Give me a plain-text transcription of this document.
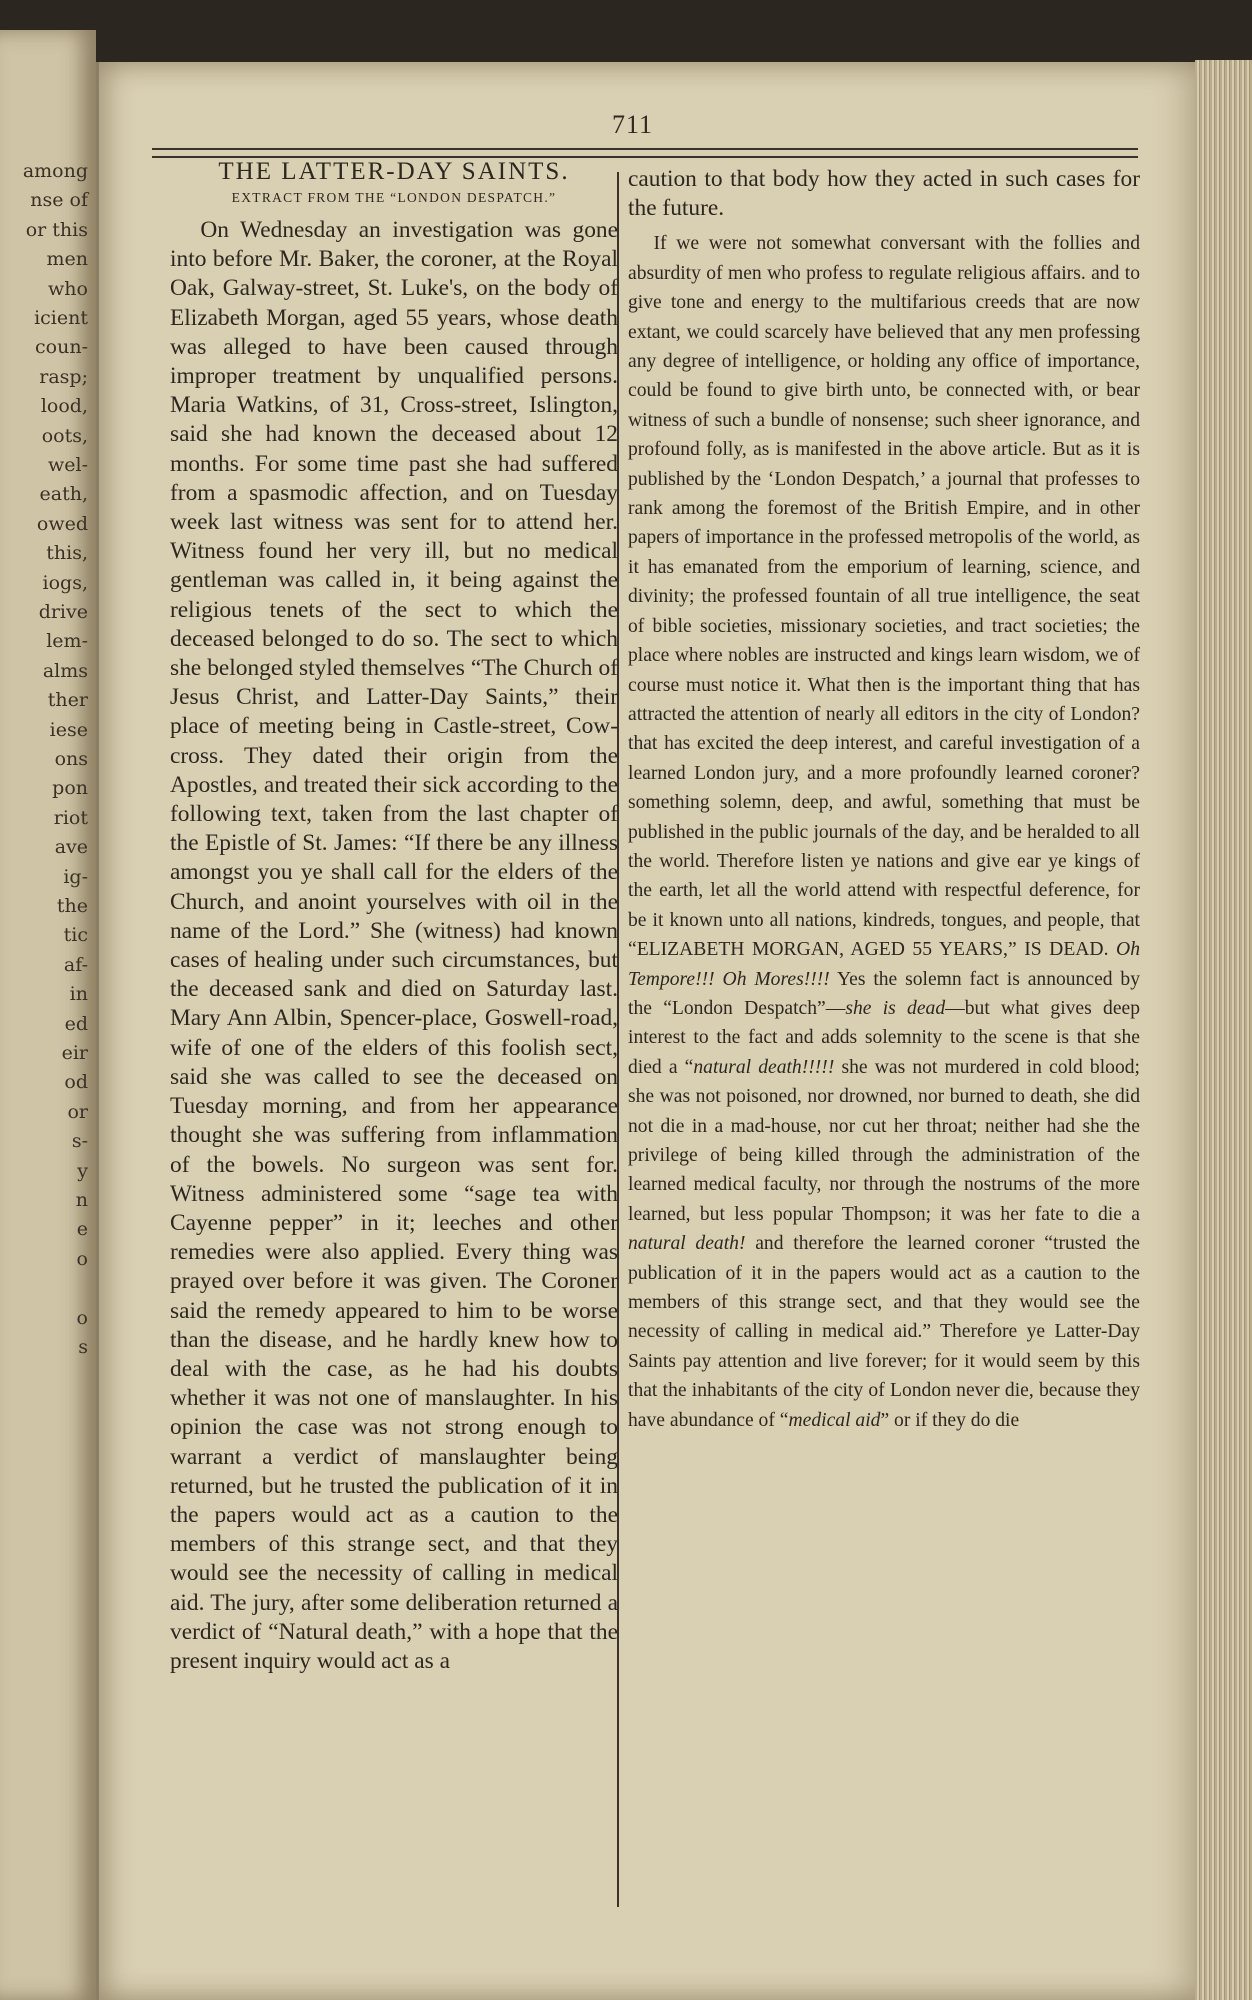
among
nse of
or this
men
who
icient
coun-
rasp;
lood,
oots,
wel-
eath,
owed
this,
iogs,
drive
lem-
alms
ther
iese
ons
pon
riot
ave
ig-
the
tic
af-
in
ed
eir
od
or
s-
y
n
e
o
o
s
711
THE LATTER-DAY SAINTS.
EXTRACT FROM THE “LONDON DESPATCH.”

On Wednesday an investigation was gone into before Mr. Baker, the coroner, at the Royal Oak, Galway-street, St. Luke's, on the body of Elizabeth Morgan, aged 55 years, whose death was alleged to have been caused through improper treatment by unqualified persons. Maria Watkins, of 31, Cross-street, Islington, said she had known the deceased about 12 months. For some time past she had suffered from a spasmodic affection, and on Tuesday week last witness was sent for to attend her. Witness found her very ill, but no medical gentleman was called in, it being against the religious tenets of the sect to which the deceased belonged to do so. The sect to which she belonged styled themselves “The Church of Jesus Christ, and Latter-Day Saints,” their place of meeting being in Castle-street, Cow-cross. They dated their origin from the Apostles, and treated their sick according to the following text, taken from the last chapter of the Epistle of St. James: “If there be any illness amongst you ye shall call for the elders of the Church, and anoint yourselves with oil in the name of the Lord.” She (witness) had known cases of healing under such circumstances, but the deceased sank and died on Saturday last. Mary Ann Albin, Spencer-place, Goswell-road, wife of one of the elders of this foolish sect, said she was called to see the deceased on Tuesday morning, and from her appearance thought she was suffering from inflammation of the bowels. No surgeon was sent for. Witness administered some “sage tea with Cayenne pepper” in it; leeches and other remedies were also applied. Every thing was prayed over before it was given. The Coroner said the remedy appeared to him to be worse than the disease, and he hardly knew how to deal with the case, as he had his doubts whether it was not one of manslaughter. In his opinion the case was not strong enough to warrant a verdict of manslaughter being returned, but he trusted the publication of it in the papers would act as a caution to the members of this strange sect, and that they would see the necessity of calling in medical aid. The jury, after some deliberation returned a verdict of “Natural death,” with a hope that the present inquiry would act as a

caution to that body how they acted in such cases for the future.

If we were not somewhat conversant with the follies and absurdity of men who profess to regulate religious affairs. and to give tone and energy to the multifarious creeds that are now extant, we could scarcely have believed that any men professing any degree of intelligence, or holding any office of importance, could be found to give birth unto, be connected with, or bear witness of such a bundle of nonsense; such sheer ignorance, and profound folly, as is manifested in the above article. But as it is published by the ‘London Despatch,’ a journal that professes to rank among the foremost of the British Empire, and in other papers of importance in the professed metropolis of the world, as it has emanated from the emporium of learning, science, and divinity; the professed fountain of all true intelligence, the seat of bible societies, missionary societies, and tract societies; the place where nobles are instructed and kings learn wisdom, we of course must notice it. What then is the important thing that has attracted the attention of nearly all editors in the city of London? that has excited the deep interest, and careful investigation of a learned London jury, and a more profoundly learned coroner? something solemn, deep, and awful, something that must be published in the public journals of the day, and be heralded to all the world. Therefore listen ye nations and give ear ye kings of the earth, let all the world attend with respectful deference, for be it known unto all nations, kindreds, tongues, and people, that “ELIZABETH MORGAN, AGED 55 YEARS,” IS DEAD. Oh Tempore!!! Oh Mores!!!! Yes the solemn fact is announced by the “London Despatch”—she is dead—but what gives deep interest to the fact and adds solemnity to the scene is that she died a “natural death!!!!! she was not murdered in cold blood; she was not poisoned, nor drowned, nor burned to death, she did not die in a mad-house, nor cut her throat; neither had she the privilege of being killed through the administration of the learned medical faculty, nor through the nostrums of the more learned, but less popular Thompson; it was her fate to die a natural death! and therefore the learned coroner “trusted the publication of it in the papers would act as a caution to the members of this strange sect, and that they would see the necessity of calling in medical aid.” Therefore ye Latter-Day Saints pay attention and live forever; for it would seem by this that the inhabitants of the city of London never die, because they have abundance of “medical aid” or if they do die
